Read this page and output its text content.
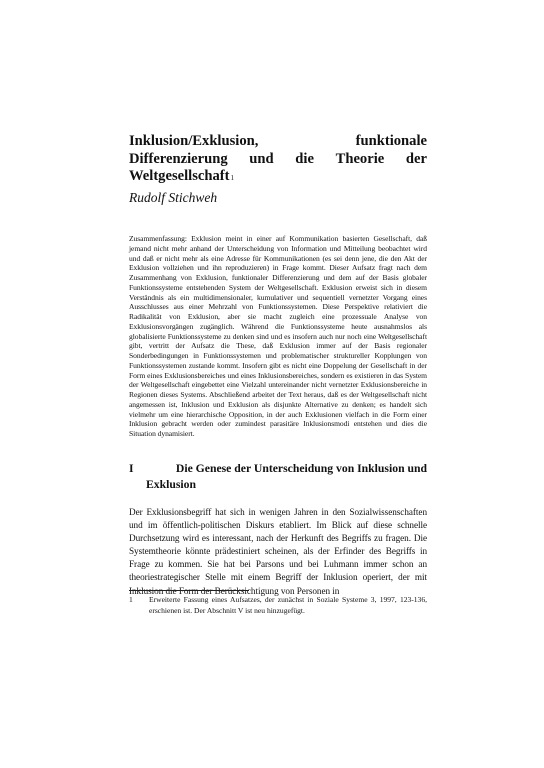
Inklusion/Exklusion,	funktionale
Differenzierung und die Theorie der
Weltgesellschaft$^1$
Rudolf Stichweh

Zusammenfassung: Exklusion meint in einer auf Kommunikation basierten Gesellschaft, daß jemand nicht mehr anhand der Unterscheidung von Information und Mitteilung beobachtet wird und daß er nicht mehr als eine Adresse für Kommunikationen (es sei denn jene, die den Akt der Exklusion vollziehen und ihn reproduzieren) in Frage kommt. Dieser Aufsatz fragt nach dem Zusammenhang von Exklusion, funktionaler Differenzierung und dem auf der Basis globaler Funktionssysteme entstehenden System der Weltgesellschaft. Exklusion erweist sich in diesem Verständnis als ein multidimensionaler, kumulativer und sequentiell vernetzter Vorgang eines Ausschlusses aus einer Mehrzahl von Funktionssystemen. Diese Perspektive relativiert die Radikalität von Exklusion, aber sie macht zugleich eine prozessuale Analyse von Exklusionsvorgängen zugänglich. Während die Funktionssysteme heute ausnahmslos als globalisierte Funktionssysteme zu denken sind und es insofern auch nur noch eine Weltgesellschaft gibt, vertritt der Aufsatz die These, daß Exklusion immer auf der Basis regionaler Sonderbedingungen in Funktionssystemen und problematischer struktureller Kopplungen von Funktionssystemen zustande kommt. Insofern gibt es nicht eine Doppelung der Gesellschaft in der Form eines Exklusionsbereiches und eines Inklusionsbereiches, sondern es existieren in das System der Weltgesellschaft eingebettet eine Vielzahl untereinander nicht vernetzter Exklusionsbereiche in Regionen dieses Systems. Abschließend arbeitet der Text heraus, daß es der Weltgesellschaft nicht angemessen ist, Inklusion und Exklusion als disjunkte Alternative zu denken; es handelt sich vielmehr um eine hierarchische Opposition, in der auch Exklusionen vielfach in die Form einer Inklusion gebracht werden oder zumindest parasitäre Inklusionsmodi entstehen und dies die Situation dynamisiert.

I	Die Genese der Unterscheidung von Inklusion und
Exklusion

Der Exklusionsbegriff hat sich in wenigen Jahren in den Sozialwissenschaften und im öffentlich-politischen Diskurs etabliert. Im Blick auf diese schnelle Durchsetzung wird es interessant, nach der Herkunft des Begriffs zu fragen. Die Systemtheorie könnte prädestiniert scheinen, als der Erfinder des Begriffs in Frage zu kommen. Sie hat bei Parsons und bei Luhmann immer schon an theoriestrategischer Stelle mit einem Begriff der Inklusion operiert, der mit Inklusion die Form der Berücksichtigung von Personen in

1 Erweiterte Fassung eines Aufsatzes, der zunächst in Soziale Systeme 3, 1997, 123-136, erschienen ist. Der Abschnitt V ist neu hinzugefügt.
